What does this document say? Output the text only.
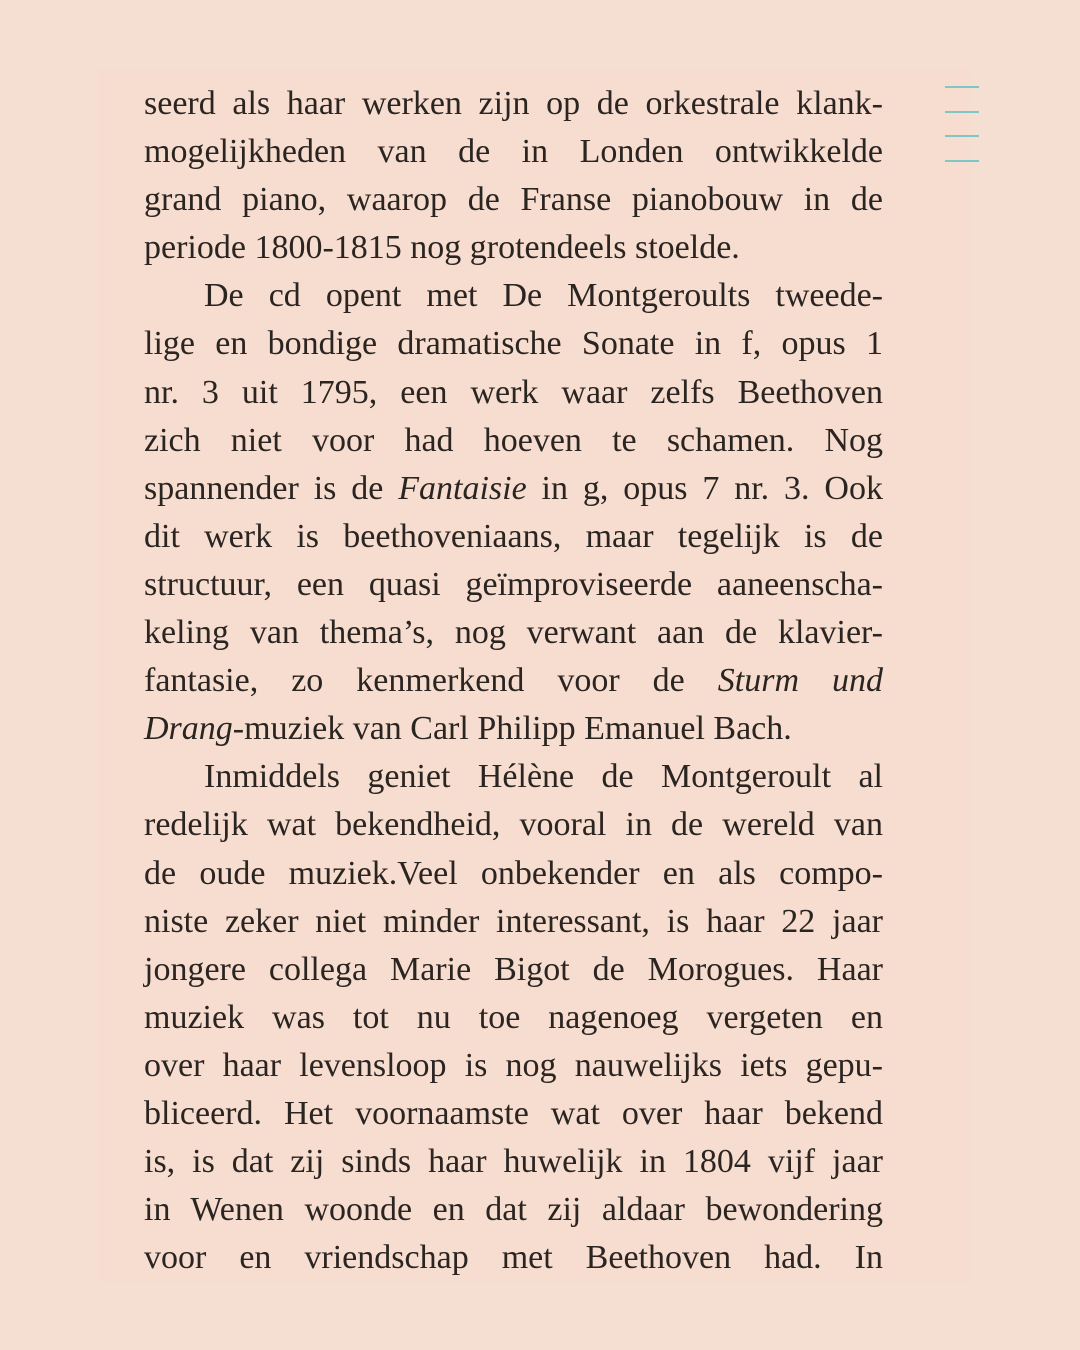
seerd als haar werken zijn op de orkestrale klank-
mogelijkheden van de in Londen ontwikkelde
grand piano, waarop de Franse pianobouw in de
periode 1800-1815 nog grotendeels stoelde.
De cd opent met De Montgeroults tweede-
lige en bondige dramatische Sonate in f, opus 1
nr. 3 uit 1795, een werk waar zelfs Beethoven
zich niet voor had hoeven te schamen. Nog
spannender is de Fantaisie in g, opus 7 nr. 3. Ook
dit werk is beethoveniaans, maar tegelijk is de
structuur, een quasi geïmproviseerde aaneenscha-
keling van thema’s, nog verwant aan de klavier-
fantasie, zo kenmerkend voor de Sturm und
Drang-muziek van Carl Philipp Emanuel Bach.
Inmiddels geniet Hélène de Montgeroult al
redelijk wat bekendheid, vooral in de wereld van
de oude muziek.Veel onbekender en als compo-
niste zeker niet minder interessant, is haar 22 jaar
jongere collega Marie Bigot de Morogues. Haar
muziek was tot nu toe nagenoeg vergeten en
over haar levensloop is nog nauwelijks iets gepu-
bliceerd. Het voornaamste wat over haar bekend
is, is dat zij sinds haar huwelijk in 1804 vijf jaar
in Wenen woonde en dat zij aldaar bewondering
voor en vriendschap met Beethoven had. In
